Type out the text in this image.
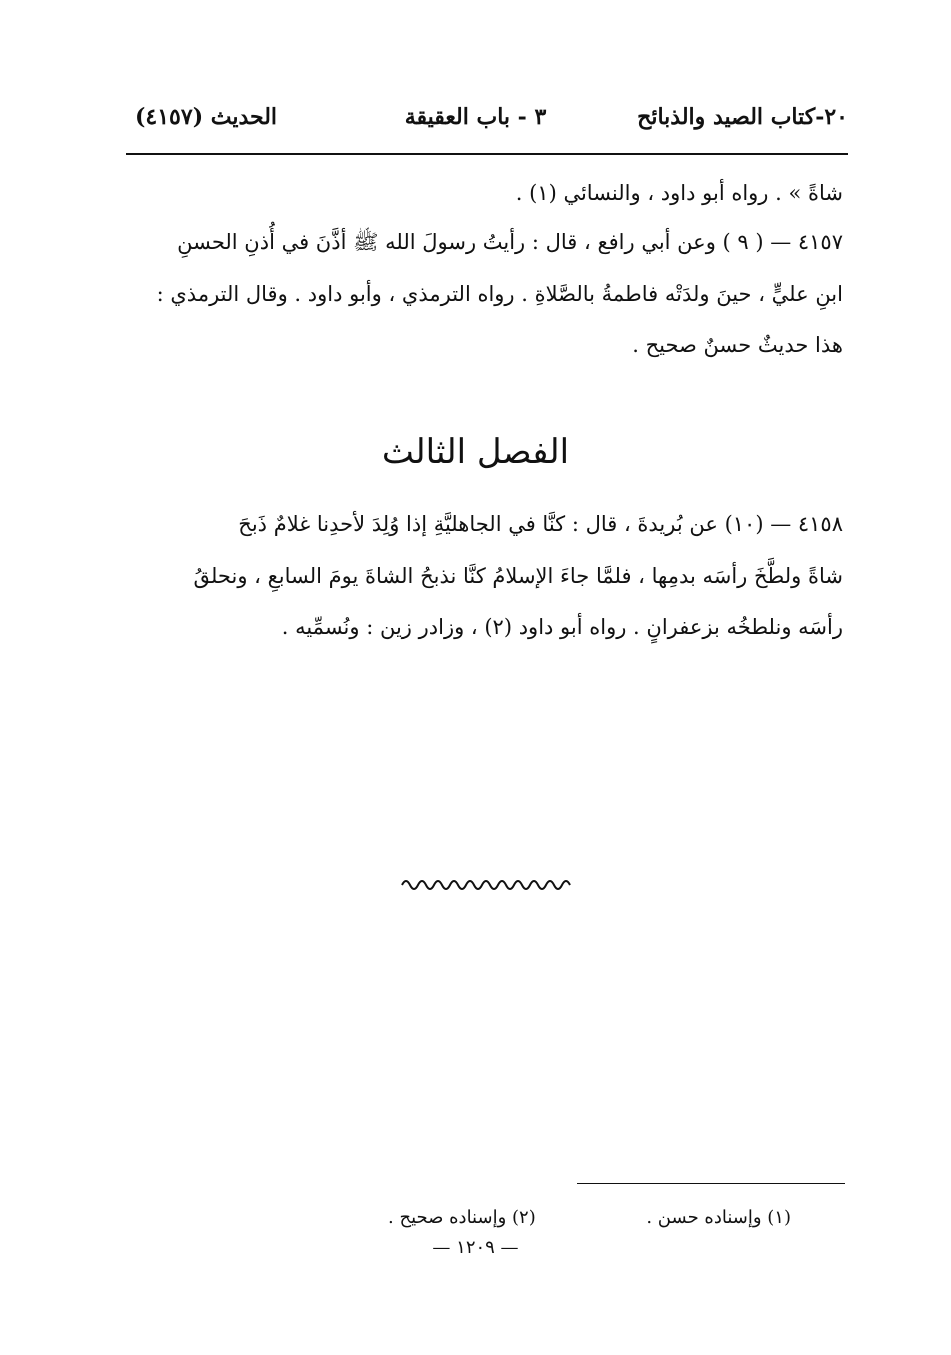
٢٠-كتاب الصيد والذبائح
٣ - باب العقيقة
الحديث (٤١٥٧)
شاةً » . رواه أبو داود ، والنسائي (١) .
٤١٥٧ — ( ٩ ) وعن أبي رافع ، قال : رأيتُ رسولَ الله ﷺ أذَّنَ في أُذنِ الحسنِ
ابنِ عليٍّ ، حينَ ولدَتْه فاطمةُ بالصَّلاةِ . رواه الترمذي ، وأبو داود . وقال الترمذي :
هذا حديثٌ حسنٌ صحيح .
الفصل الثالث
٤١٥٨ — (١٠) عن بُريدةَ ، قال : كنَّا في الجاهليَّةِ إذا وُلِدَ لأحدِنا غلامٌ ذَبحَ
شاةً ولطَّخَ رأسَه بدمِها ، فلمَّا جاءَ الإسلامُ كنَّا نذبحُ الشاةَ يومَ السابعِ ، ونحلقُ
رأسَه ونلطخُه بزعفرانٍ . رواه أبو داود (٢) ، وزادر زين : ونُسمِّيه .
(١) وإسناده حسن .
(٢) وإسناده صحيح .
— ١٢٠٩ —
